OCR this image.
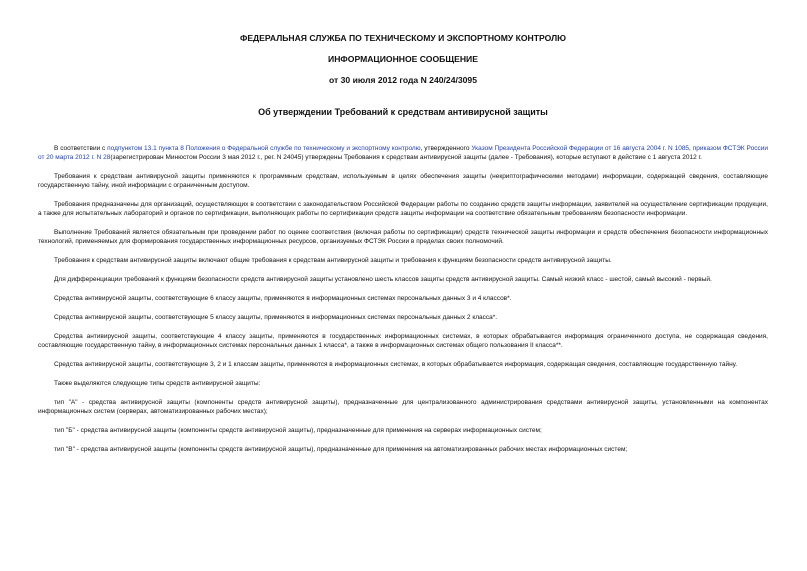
ФЕДЕРАЛЬНАЯ СЛУЖБА ПО ТЕХНИЧЕСКОМУ И ЭКСПОРТНОМУ КОНТРОЛЮ
ИНФОРМАЦИОННОЕ СООБЩЕНИЕ
от 30 июля 2012 года N 240/24/3095
Об утверждении Требований к средствам антивирусной защиты

В соответствии с подпунктом 13.1 пункта 8 Положения о Федеральной службе по техническому и экспортному контролю, утвержденного Указом Президента Российской Федерации от 16 августа 2004 г. N 1085, приказом ФСТЭК России от 20 марта 2012 г. N 28(зарегистрирован Минюстом России 3 мая 2012 г., рег. N 24045) утверждены Требования к средствам антивирусной защиты (далее - Требования), которые вступают в действие с 1 августа 2012 г.

Требования к средствам антивирусной защиты применяются к программным средствам, используемым в целях обеспечения защиты (некриптографическими методами) информации, содержащей сведения, составляющие государственную тайну, иной информации с ограниченным доступом.

Требования предназначены для организаций, осуществляющих в соответствии с законодательством Российской Федерации работы по созданию средств защиты информации, заявителей на осуществление сертификации продукции, а также для испытательных лабораторий и органов по сертификации, выполняющих работы по сертификации средств защиты информации на соответствие обязательным требованиям безопасности информации.

Выполнение Требований является обязательным при проведении работ по оценке соответствия (включая работы по сертификации) средств технической защиты информации и средств обеспечения безопасности информационных технологий, применяемых для формирования государственных информационных ресурсов, организуемых ФСТЭК России в пределах своих полномочий.

Требования к средствам антивирусной защиты включают общие требования к средствам антивирусной защиты и требования к функциям безопасности средств антивирусной защиты.

Для дифференциации требований к функциям безопасности средств антивирусной защиты установлено шесть классов защиты средств антивирусной защиты. Самый низкий класс - шестой, самый высокий - первый.

Средства антивирусной защиты, соответствующие 6 классу защиты, применяются в информационных системах персональных данных 3 и 4 классов*.

Средства антивирусной защиты, соответствующие 5 классу защиты, применяются в информационных системах персональных данных 2 класса*.

Средства антивирусной защиты, соответствующие 4 классу защиты, применяются в государственных информационных системах, в которых обрабатывается информация ограниченного доступа, не содержащая сведения, составляющие государственную тайну, в информационных системах персональных данных 1 класса*, а также в информационных системах общего пользования II класса**.

Средства антивирусной защиты, соответствующие 3, 2 и 1 классам защиты, применяются в информационных системах, в которых обрабатывается информация, содержащая сведения, составляющие государственную тайну.

Также выделяются следующие типы средств антивирусной защиты:

тип "А" - средства антивирусной защиты (компоненты средств антивирусной защиты), предназначенные для централизованного администрирования средствами антивирусной защиты, установленными на компонентах информационных систем (серверах, автоматизированных рабочих местах);

тип "Б" - средства антивирусной защиты (компоненты средств антивирусной защиты), предназначенные для применения на серверах информационных систем;

тип "В" - средства антивирусной защиты (компоненты средств антивирусной защиты), предназначенные для применения на автоматизированных рабочих местах информационных систем;
